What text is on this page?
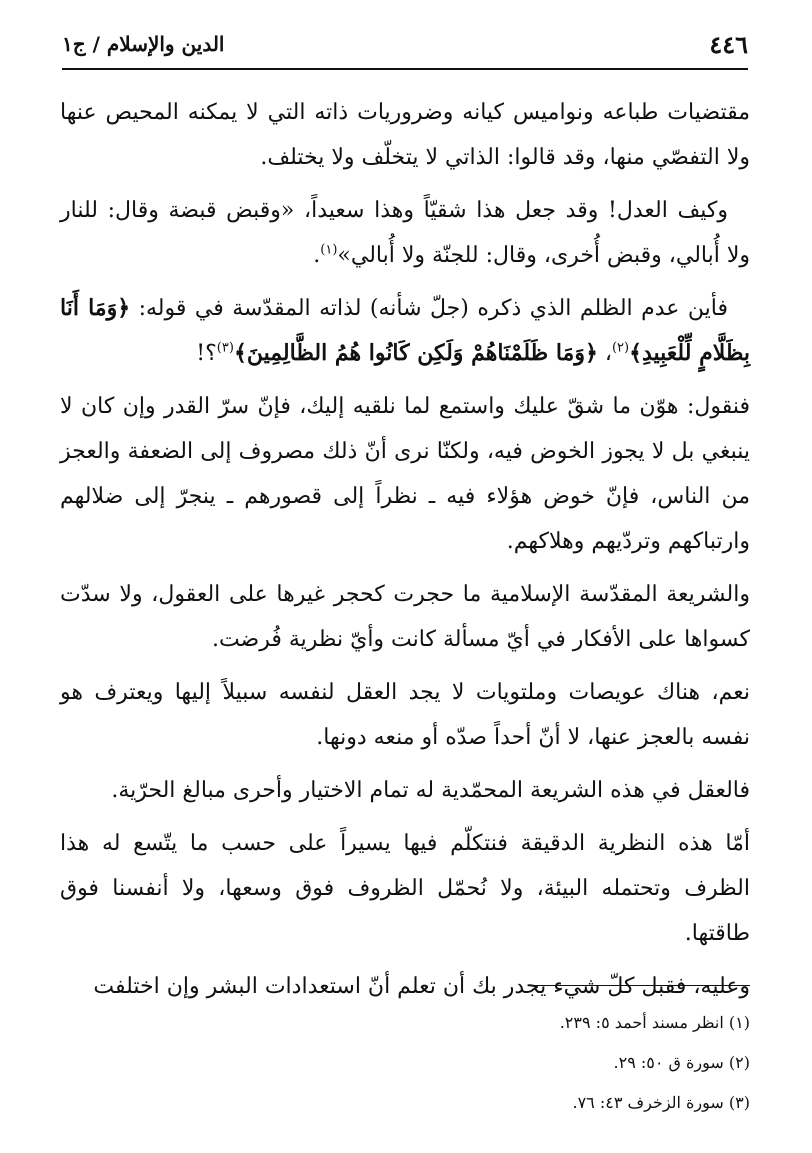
٤٤٦
الدين والإسلام / ج١

مقتضيات طباعه ونواميس كيانه وضروريات ذاته التي لا يمكنه المحيص عنها ولا التفصّي منها، وقد قالوا: الذاتي لا يتخلّف ولا يختلف.

وكيف العدل! وقد جعل هذا شقيّاً وهذا سعيداً، «وقبض قبضة وقال: للنار ولا أُبالي، وقبض أُخرى، وقال: للجنّة ولا أُبالي»$^{(١)}$.

فأين عدم الظلم الذي ذكره (جلّ شأنه) لذاته المقدّسة في قوله: ﴿وَمَا أَنَا بِظَلَّامٍ لِّلْعَبِيدِ﴾$^{(٢)}$، ﴿وَمَا ظَلَمْنَاهُمْ وَلَكِن كَانُوا هُمُ الظَّالِمِينَ﴾$^{(٣)}$؟!

فنقول: هوّن ما شقّ عليك واستمع لما نلقيه إليك، فإنّ سرّ القدر وإن كان لا ينبغي بل لا يجوز الخوض فيه، ولكنّا نرى أنّ ذلك مصروف إلى الضعفة والعجز من الناس، فإنّ خوض هؤلاء فيه ـ نظراً إلى قصورهم ـ ينجرّ إلى ضلالهم وارتباكهم وتردّيهم وهلاكهم.

والشريعة المقدّسة الإسلامية ما حجرت كحجر غيرها على العقول، ولا سدّت كسواها على الأفكار في أيّ مسألة كانت وأيّ نظرية فُرضت.

نعم، هناك عويصات وملتويات لا يجد العقل لنفسه سبيلاً إليها ويعترف هو نفسه بالعجز عنها، لا أنّ أحداً صدّه أو منعه دونها.

فالعقل في هذه الشريعة المحمّدية له تمام الاختيار وأحرى مبالغ الحرّية.

أمّا هذه النظرية الدقيقة فنتكلّم فيها يسيراً على حسب ما يتّسع له هذا الظرف وتحتمله البيئة، ولا نُحمّل الظروف فوق وسعها، ولا أنفسنا فوق طاقتها.

وعليه، فقبل كلّ شيء يجدر بك أن تعلم أنّ استعدادات البشر وإن اختلفت

(١) انظر مسند أحمد ٥: ٢٣٩.

(٢) سورة ق ٥٠: ٢٩.

(٣) سورة الزخرف ٤٣: ٧٦.
